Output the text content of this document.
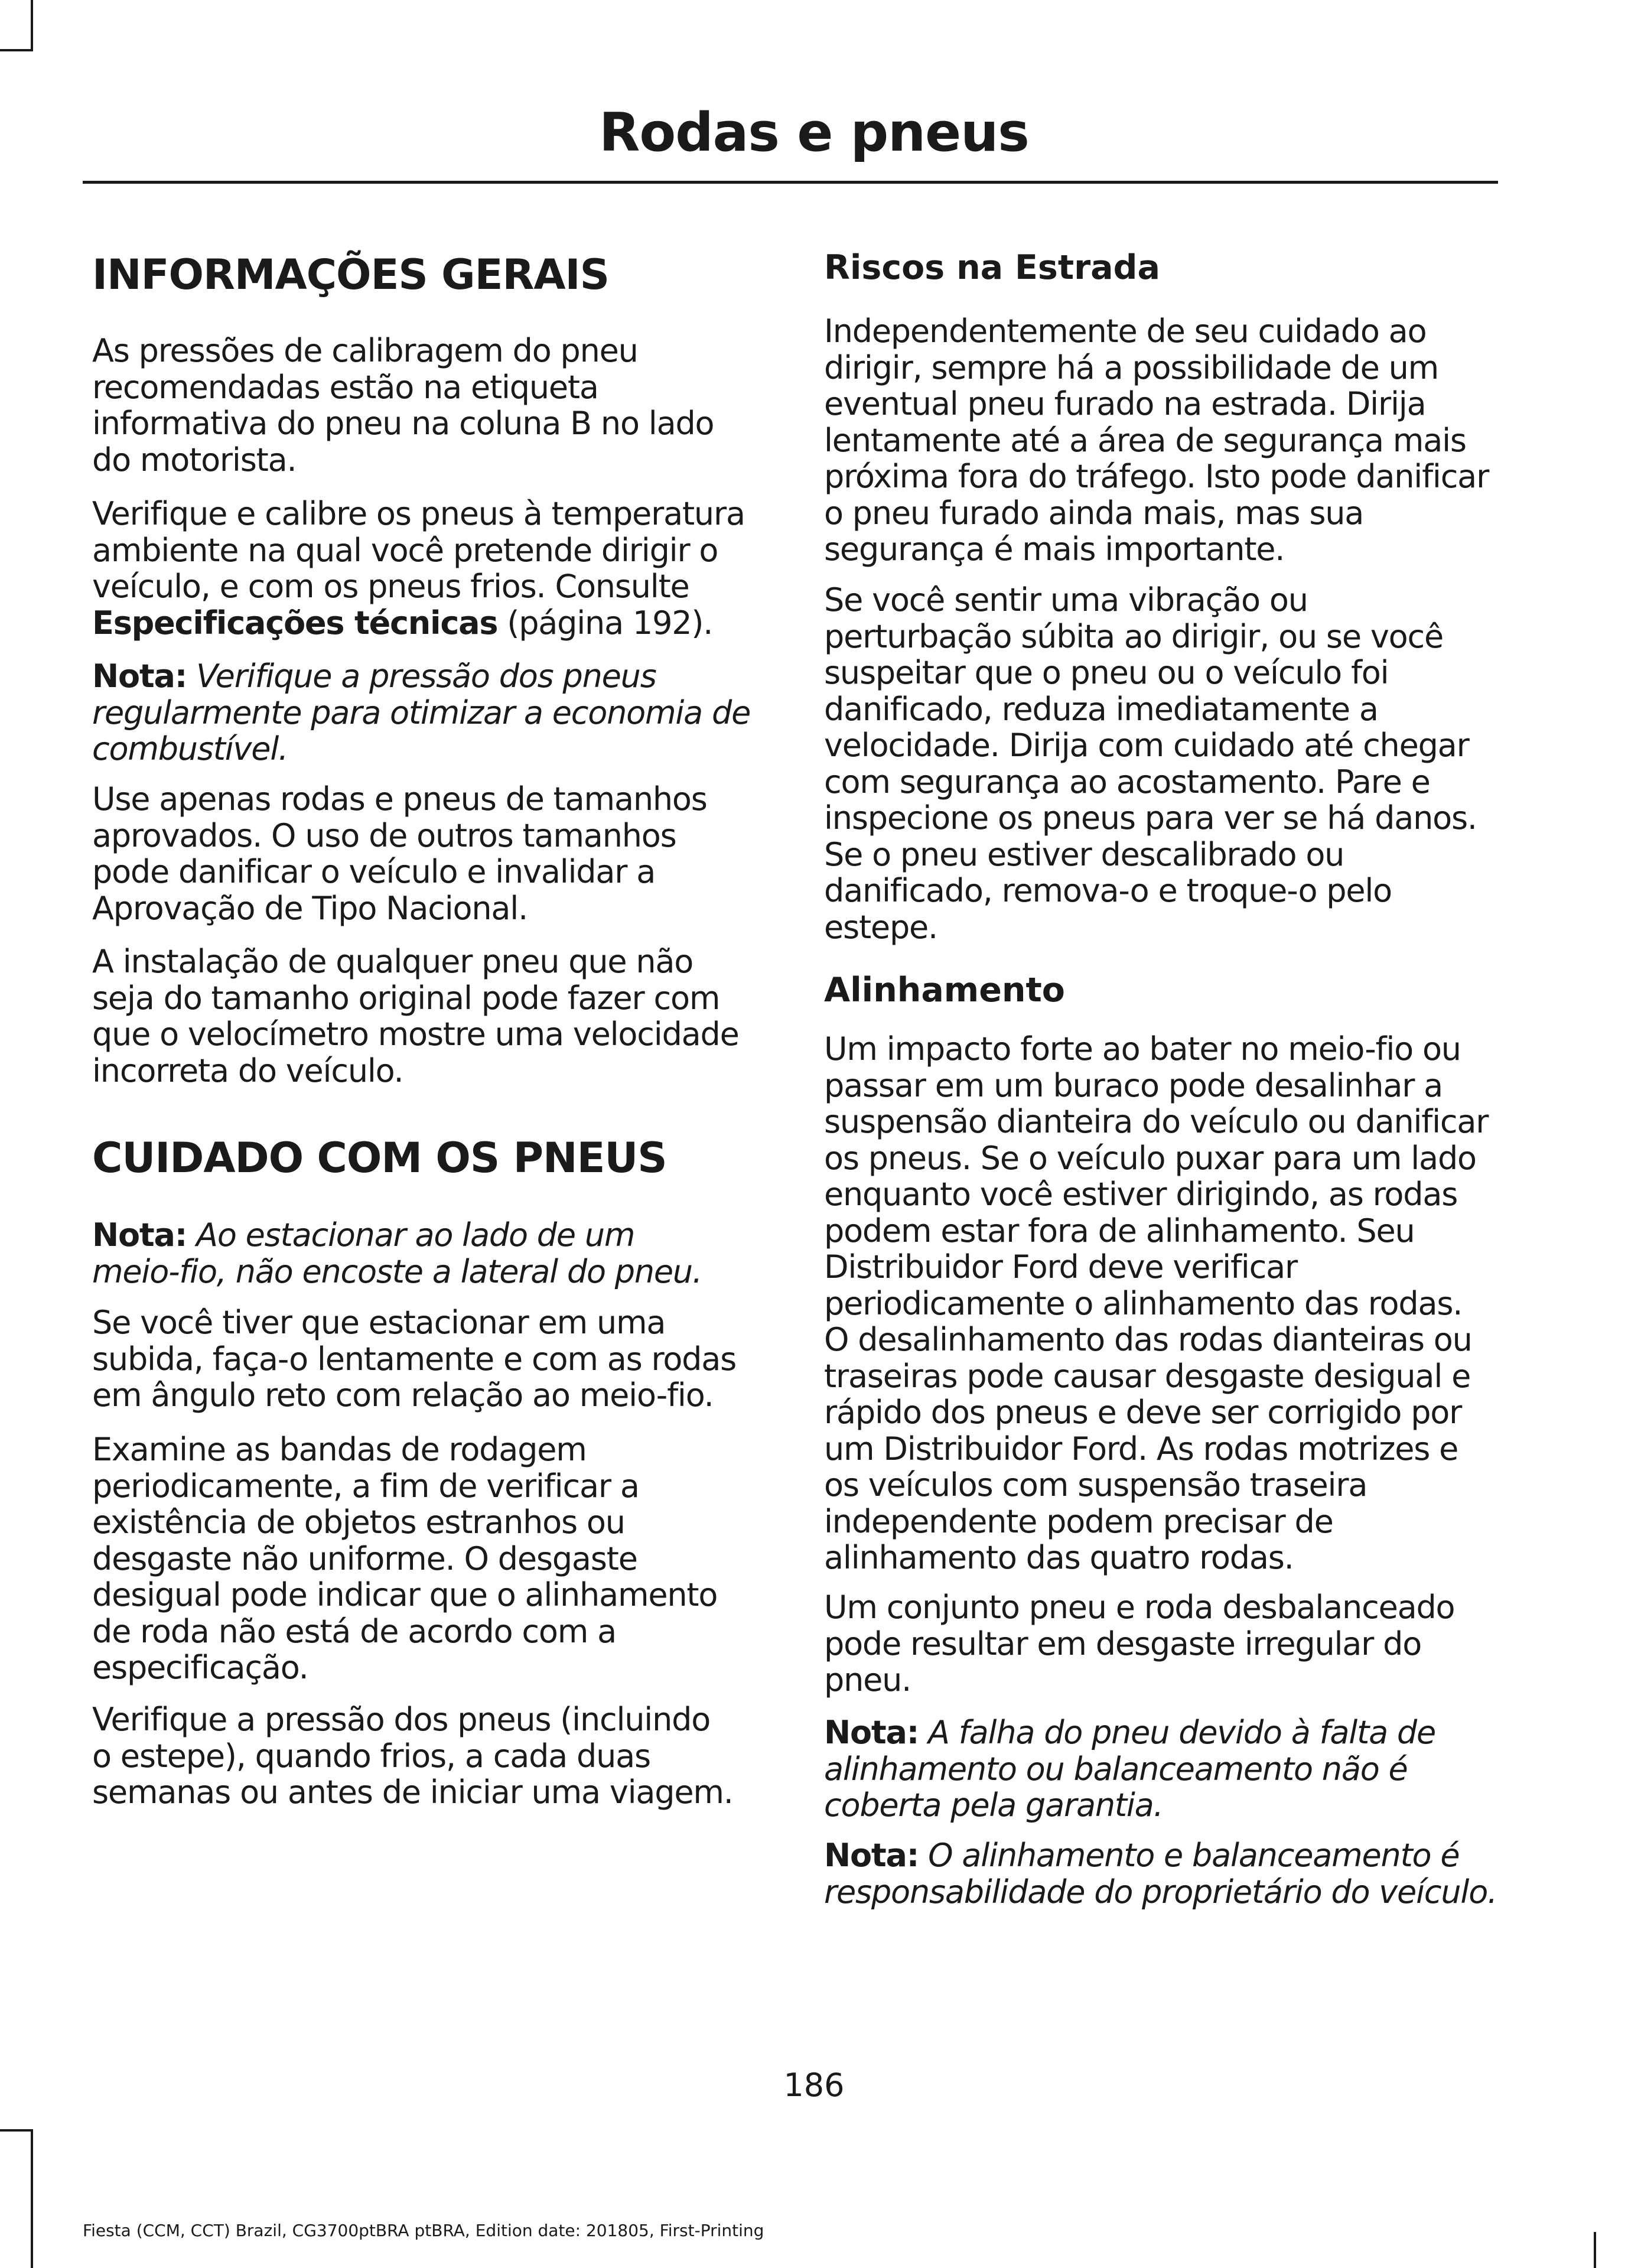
Rodas e pneus
INFORMAÇÕES GERAIS
As pressões de calibragem do pneu
recomendadas estão na etiqueta
informativa do pneu na coluna B no lado
do motorista.
Verifique e calibre os pneus à temperatura
ambiente na qual você pretende dirigir o
veículo, e com os pneus frios. Consulte
Especificações técnicas (página 192).
Nota: Verifique a pressão dos pneus
regularmente para otimizar a economia de
combustível.
Use apenas rodas e pneus de tamanhos
aprovados. O uso de outros tamanhos
pode danificar o veículo e invalidar a
Aprovação de Tipo Nacional.
A instalação de qualquer pneu que não
seja do tamanho original pode fazer com
que o velocímetro mostre uma velocidade
incorreta do veículo.
CUIDADO COM OS PNEUS
Nota: Ao estacionar ao lado de um
meio-fio, não encoste a lateral do pneu.
Se você tiver que estacionar em uma
subida, faça-o lentamente e com as rodas
em ângulo reto com relação ao meio-fio.
Examine as bandas de rodagem
periodicamente, a fim de verificar a
existência de objetos estranhos ou
desgaste não uniforme. O desgaste
desigual pode indicar que o alinhamento
de roda não está de acordo com a
especificação.
Verifique a pressão dos pneus (incluindo
o estepe), quando frios, a cada duas
semanas ou antes de iniciar uma viagem.
Riscos na Estrada
Independentemente de seu cuidado ao
dirigir, sempre há a possibilidade de um
eventual pneu furado na estrada. Dirija
lentamente até a área de segurança mais
próxima fora do tráfego. Isto pode danificar
o pneu furado ainda mais, mas sua
segurança é mais importante.
Se você sentir uma vibração ou
perturbação súbita ao dirigir, ou se você
suspeitar que o pneu ou o veículo foi
danificado, reduza imediatamente a
velocidade. Dirija com cuidado até chegar
com segurança ao acostamento. Pare e
inspecione os pneus para ver se há danos.
Se o pneu estiver descalibrado ou
danificado, remova-o e troque-o pelo
estepe.
Alinhamento
Um impacto forte ao bater no meio-fio ou
passar em um buraco pode desalinhar a
suspensão dianteira do veículo ou danificar
os pneus. Se o veículo puxar para um lado
enquanto você estiver dirigindo, as rodas
podem estar fora de alinhamento. Seu
Distribuidor Ford deve verificar
periodicamente o alinhamento das rodas.
O desalinhamento das rodas dianteiras ou
traseiras pode causar desgaste desigual e
rápido dos pneus e deve ser corrigido por
um Distribuidor Ford. As rodas motrizes e
os veículos com suspensão traseira
independente podem precisar de
alinhamento das quatro rodas.
Um conjunto pneu e roda desbalanceado
pode resultar em desgaste irregular do
pneu.
Nota: A falha do pneu devido à falta de
alinhamento ou balanceamento não é
coberta pela garantia.
Nota: O alinhamento e balanceamento é
responsabilidade do proprietário do veículo.
186
Fiesta (CCM, CCT) Brazil, CG3700ptBRA ptBRA, Edition date: 201805, First-Printing
